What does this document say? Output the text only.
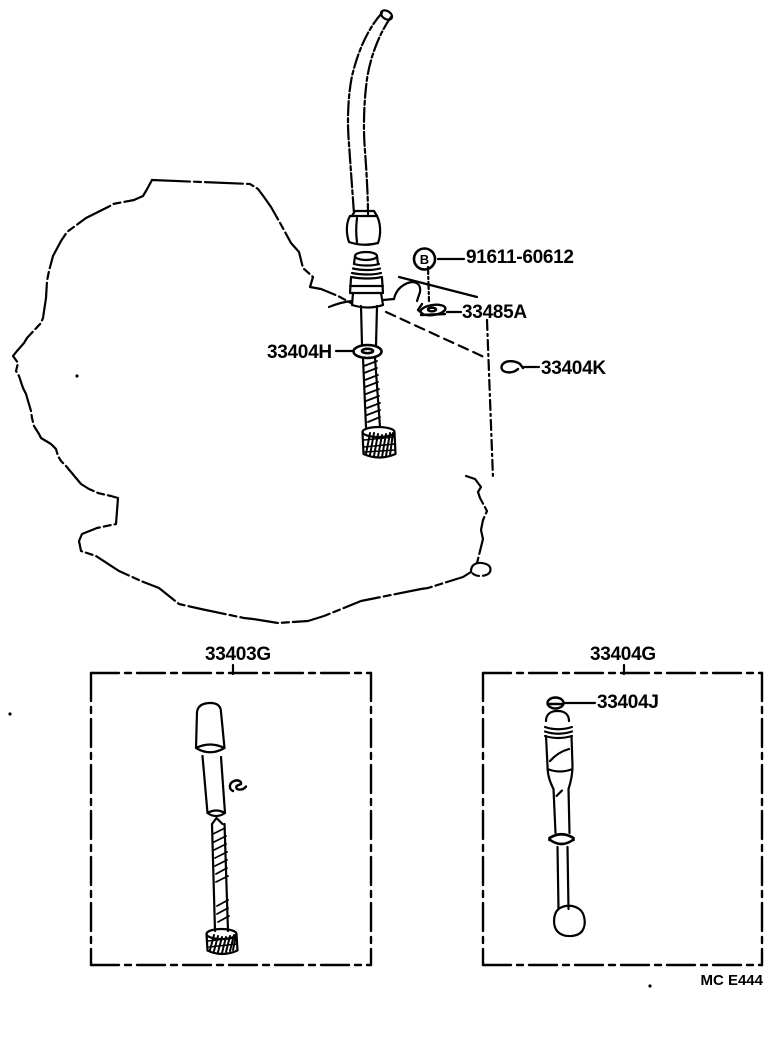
B 91611-60612
33485A
33404H
33404K
33403G	33404G
33404J
MC E444
